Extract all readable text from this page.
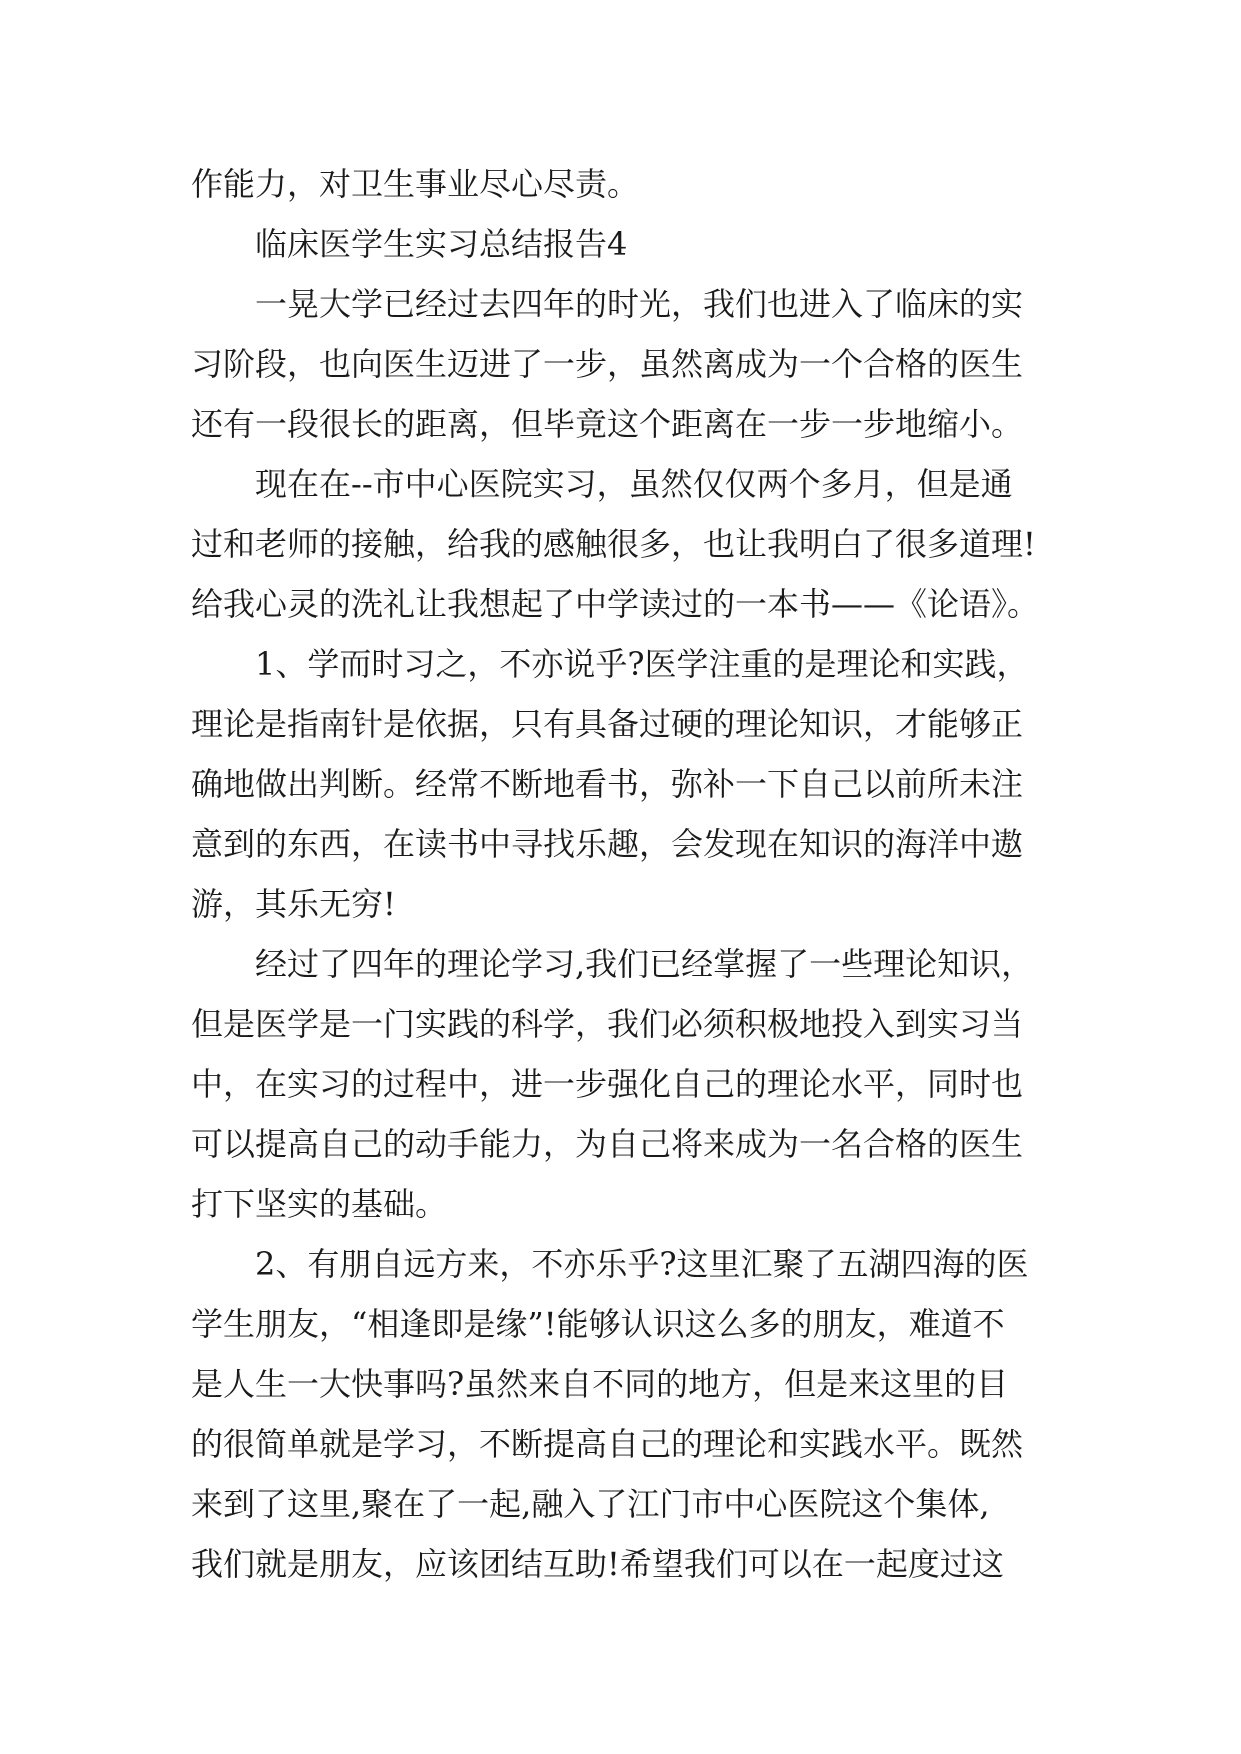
作能力，对卫生事业尽心尽责。
临床医学生实习总结报告4
一晃大学已经过去四年的时光，我们也进入了临床的实
习阶段，也向医生迈进了一步，虽然离成为一个合格的医生
还有一段很长的距离，但毕竟这个距离在一步一步地缩小。
现在在--市中心医院实习，虽然仅仅两个多月，但是通
过和老师的接触，给我的感触很多，也让我明白了很多道理!
给我心灵的洗礼让我想起了中学读过的一本书——《论语》。
1、学而时习之，不亦说乎?医学注重的是理论和实践，
理论是指南针是依据，只有具备过硬的理论知识，才能够正
确地做出判断。经常不断地看书，弥补一下自己以前所未注
意到的东西，在读书中寻找乐趣，会发现在知识的海洋中遨
游，其乐无穷!
经过了四年的理论学习,我们已经掌握了一些理论知识，
但是医学是一门实践的科学，我们必须积极地投入到实习当
中，在实习的过程中，进一步强化自己的理论水平，同时也
可以提高自己的动手能力，为自己将来成为一名合格的医生
打下坚实的基础。
2、有朋自远方来，不亦乐乎?这里汇聚了五湖四海的医
学生朋友，“相逢即是缘”!能够认识这么多的朋友，难道不
是人生一大快事吗?虽然来自不同的地方，但是来这里的目
的很简单就是学习，不断提高自己的理论和实践水平。既然
来到了这里,聚在了一起,融入了江门市中心医院这个集体,
我们就是朋友，应该团结互助!希望我们可以在一起度过这
